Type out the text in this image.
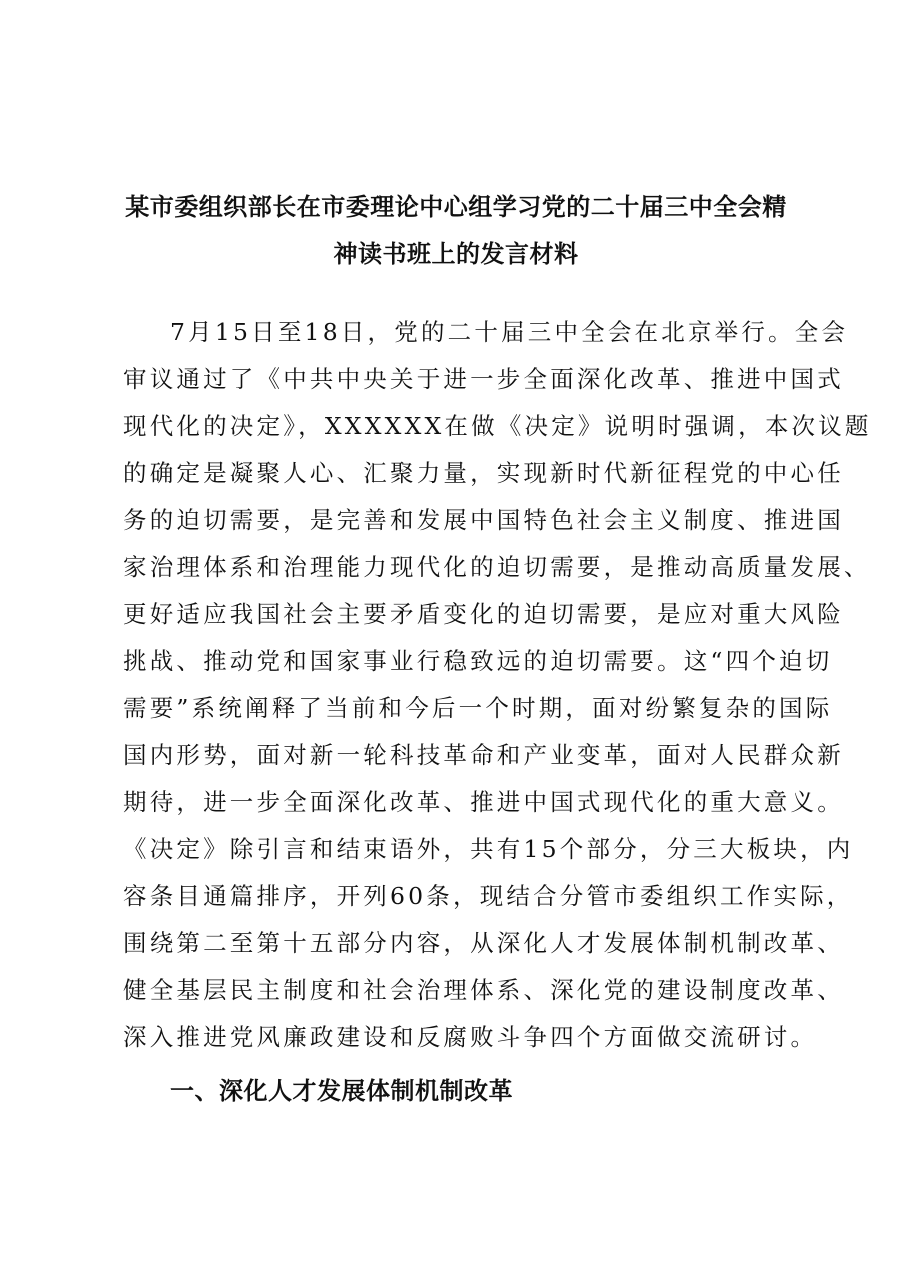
某市委组织部长在市委理论中心组学习党的二十届三中全会精
神读书班上的发言材料
7月15日至18日，党的二十届三中全会在北京举行。全会
审议通过了《中共中央关于进一步全面深化改革、推进中国式
现代化的决定》，XXXXXX在做《决定》说明时强调，本次议题
的确定是凝聚人心、汇聚力量，实现新时代新征程党的中心任
务的迫切需要，是完善和发展中国特色社会主义制度、推进国
家治理体系和治理能力现代化的迫切需要，是推动高质量发展、
更好适应我国社会主要矛盾变化的迫切需要，是应对重大风险
挑战、推动党和国家事业行稳致远的迫切需要。这“四个迫切
需要”系统阐释了当前和今后一个时期，面对纷繁复杂的国际
国内形势，面对新一轮科技革命和产业变革，面对人民群众新
期待，进一步全面深化改革、推进中国式现代化的重大意义。
《决定》除引言和结束语外，共有15个部分，分三大板块，内
容条目通篇排序，开列60条，现结合分管市委组织工作实际，
围绕第二至第十五部分内容，从深化人才发展体制机制改革、
健全基层民主制度和社会治理体系、深化党的建设制度改革、
深入推进党风廉政建设和反腐败斗争四个方面做交流研讨。
一、深化人才发展体制机制改革
